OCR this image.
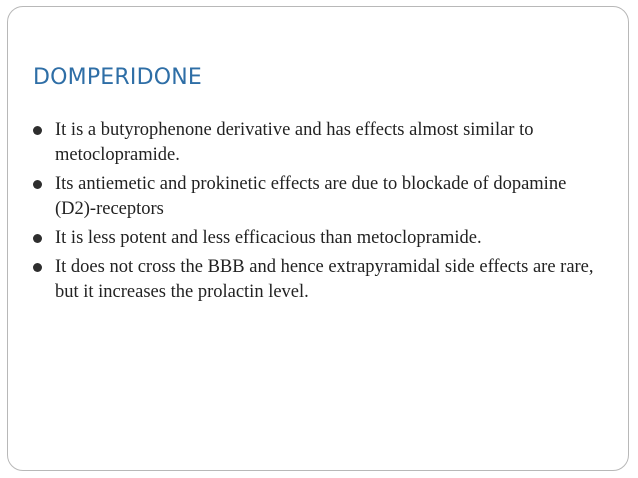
DOMPERIDONE
It is a butyrophenone derivative and has effects almost similar to metoclopramide.
Its antiemetic and prokinetic effects are due to blockade of dopamine (D2)-receptors
It is less potent and less efficacious than metoclopramide.
It does not cross the BBB and hence extrapyramidal side effects are rare, but it increases the prolactin level.
